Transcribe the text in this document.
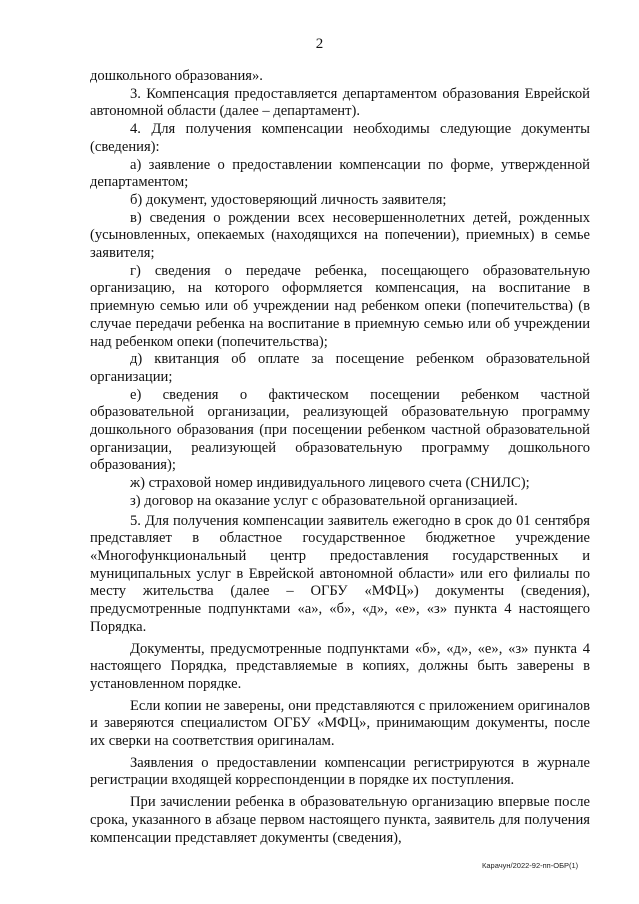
2

дошкольного образования».

3. Компенсация предоставляется департаментом образования Еврейской автономной области (далее – департамент).

4. Для получения компенсации необходимы следующие документы (сведения):

а) заявление о предоставлении компенсации по форме, утвержденной департаментом;

б) документ, удостоверяющий личность заявителя;

в) сведения о рождении всех несовершеннолетних детей, рожденных (усыновленных, опекаемых (находящихся на попечении), приемных) в семье заявителя;

г) сведения о передаче ребенка, посещающего образовательную организацию, на которого оформляется компенсация, на воспитание в приемную семью или об учреждении над ребенком опеки (попечительства) (в случае передачи ребенка на воспитание в приемную семью или об учреждении над ребенком опеки (попечительства);

д) квитанция об оплате за посещение ребенком образовательной организации;

е) сведения о фактическом посещении ребенком частной образовательной организации, реализующей образовательную программу дошкольного образования (при посещении ребенком частной образовательной организации, реализующей образовательную программу дошкольного образования);

ж) страховой номер индивидуального лицевого счета (СНИЛС);

з) договор на оказание услуг с образовательной организацией.

5. Для получения компенсации заявитель ежегодно в срок до 01 сентября представляет в областное государственное бюджетное учреждение «Многофункциональный центр предоставления государственных и муниципальных услуг в Еврейской автономной области» или его филиалы по месту жительства (далее – ОГБУ «МФЦ») документы (сведения), предусмотренные подпунктами «а», «б», «д», «е», «з» пункта 4 настоящего Порядка.

Документы, предусмотренные подпунктами «б», «д», «е», «з» пункта 4 настоящего Порядка, представляемые в копиях, должны быть заверены в установленном порядке.

Если копии не заверены, они представляются с приложением оригиналов и заверяются специалистом ОГБУ «МФЦ», принимающим документы, после их сверки на соответствия оригиналам.

Заявления о предоставлении компенсации регистрируются в журнале регистрации входящей корреспонденции в порядке их поступления.

При зачислении ребенка в образовательную организацию впервые после срока, указанного в абзаце первом настоящего пункта, заявитель для получения компенсации представляет документы (сведения),

Карачун/2022-92-пп-ОБР(1)
